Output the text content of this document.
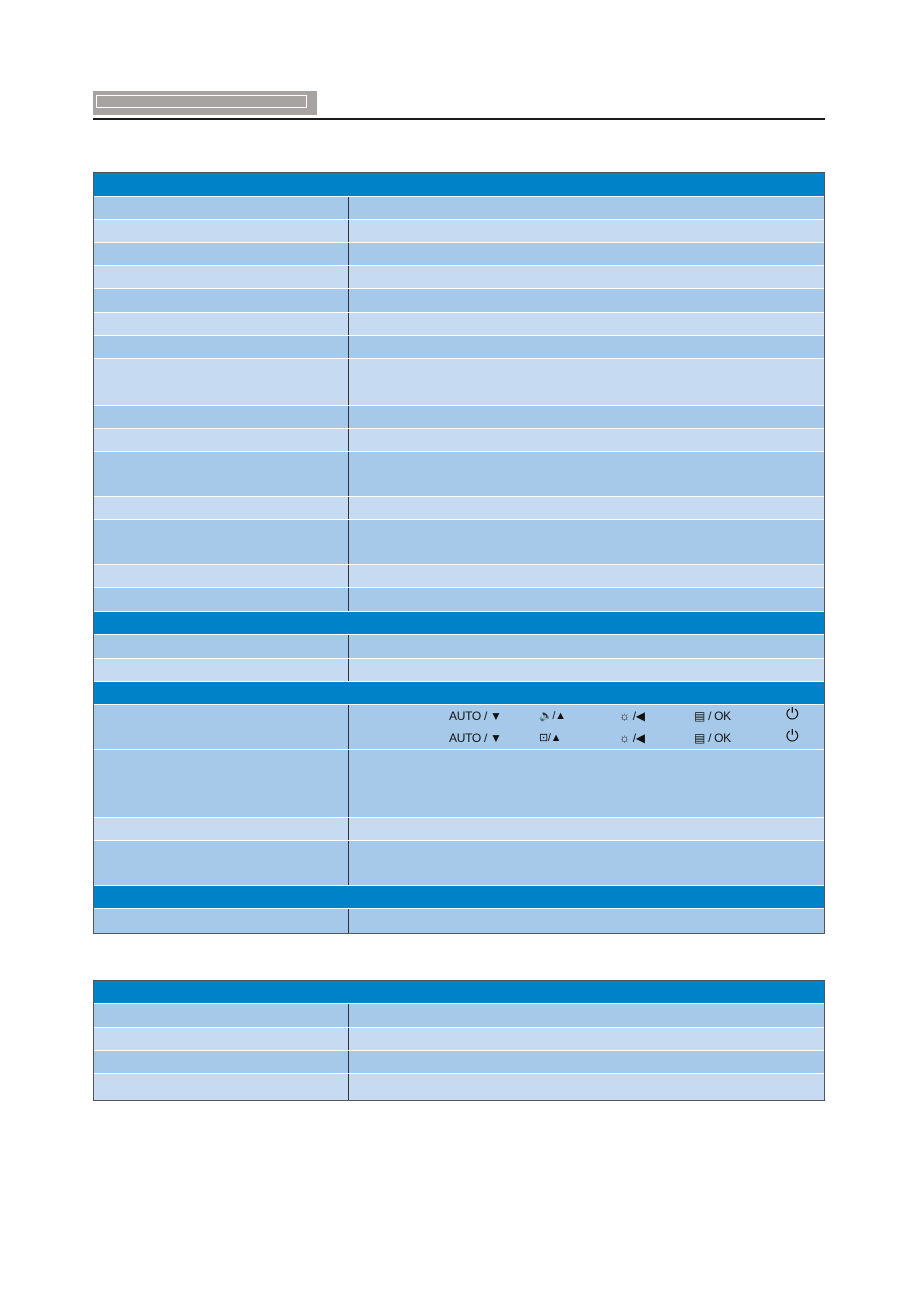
AUTO / ▼	🔈/▲	☼ /◀	▤ / OK	⏻
AUTO / ▼	⊡/▲	☼ /◀	▤ / OK	⏻
